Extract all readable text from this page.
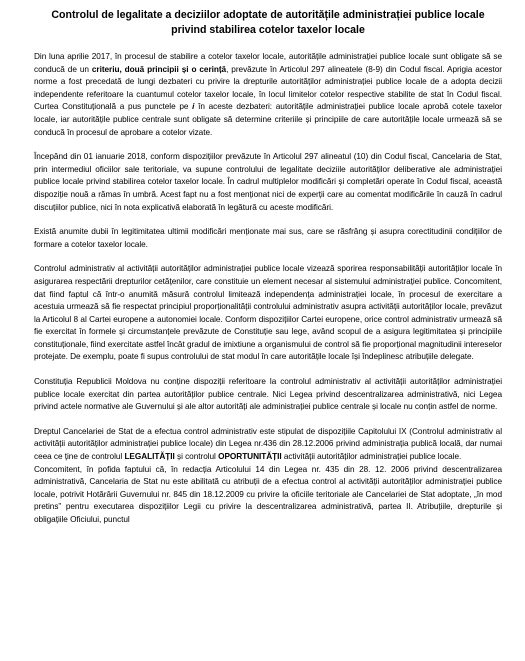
Controlul de legalitate a deciziilor adoptate de autoritățile administrației publice locale privind stabilirea cotelor taxelor locale

Din luna aprilie 2017, în procesul de stabilire a cotelor taxelor locale, autoritățile administrației publice locale sunt obligate să se conducă de un criteriu, două principii și o cerință, prevăzute în Articolul 297 alineatele (8-9) din Codul fiscal. Aprigia acestor norme a fost precedată de lungi dezbateri cu privire la drepturile autorităților administrației publice locale de a adopta decizii independente referitoare la cuantumul cotelor taxelor locale, în locul limitelor cotelor respective stabilite de stat în Codul fiscal. Curtea Constituțională a pus punctele pe i în aceste dezbateri: autoritățile administrației publice locale aprobă cotele taxelor locale, iar autoritățile publice centrale sunt obligate să determine criteriile și principiile de care autoritățile locale urmează să se conducă în procesul de aprobare a cotelor vizate.

Începând din 01 ianuarie 2018, conform dispozițiilor prevăzute în Articolul 297 alineatul (10) din Codul fiscal, Cancelaria de Stat, prin intermediul oficiilor sale teritoriale, va supune controlului de legalitate deciziile autorităților deliberative ale administrației publice locale privind stabilirea cotelor taxelor locale. În cadrul multiplelor modificări și completări operate în Codul fiscal, această dispoziție nouă a rămas în umbră. Acest fapt nu a fost menționat nici de experții care au comentat modificările în cauză în cadrul discuțiilor publice, nici în nota explicativă elaborată în legătură cu aceste modificări.

Există anumite dubii în legitimitatea ultimii modificări menționate mai sus, care se răsfrâng și asupra corectitudinii condițiilor de formare a cotelor taxelor locale.

Controlul administrativ al activității autorităților administrației publice locale vizează sporirea responsabilității autorităților locale în asigurarea respectării drepturilor cetățenilor, care constituie un element necesar al sistemului administrației publice. Concomitent, dat fiind faptul că într-o anumită măsură controlul limitează independența administrației locale, în procesul de exercitare a acestuia urmează să fie respectat principiul proporționalității controlului administrativ asupra activității autorităților locale, prevăzut la Articolul 8 al Cartei europene a autonomiei locale. Conform dispozițiilor Cartei europene, orice control administrativ urmează să fie exercitat în formele și circumstanțele prevăzute de Constituție sau lege, având scopul de a asigura legitimitatea și principiile constituționale, fiind exercitate astfel încât gradul de imixtiune a organismului de control să fie proporțional magnitudinii intereselor protejate. De exemplu, poate fi supus controlului de stat modul în care autoritățile locale își îndeplinesc atribuțiile delegate.

Constituția Republicii Moldova nu conține dispoziții referitoare la controlul administrativ al activității autorităților administrației publice locale exercitat din partea autorităților publice centrale. Nici Legea privind descentralizarea administrativă, nici Legea privind actele normative ale Guvernului și ale altor autorități ale administrației publice centrale și locale nu conțin astfel de norme.

Dreptul Cancelariei de Stat de a efectua control administrativ este stipulat de dispozițiile Capitolului IX (Controlul administrativ al activității autorităților administrației publice locale) din Legea nr.436 din 28.12.2006 privind administrația publică locală, dar numai ceea ce ține de controlul LEGALITĂȚII și controlul OPORTUNITĂȚII activității autorităților administrației publice locale.

Concomitent, în pofida faptului că, în redacția Articolului 14 din Legea nr. 435 din 28. 12. 2006 privind descentralizarea administrativă, Cancelaria de Stat nu este abilitată cu atribuții de a efectua control al activității autorităților administrației publice locale, potrivit Hotărârii Guvernului nr. 845 din 18.12.2009 cu privire la oficiile teritoriale ale Cancelariei de Stat adoptate, „în mod pretins” pentru executarea dispozițiilor Legii cu privire la descentralizarea administrativă, partea II. Atribuțiile, drepturile și obligațiile Oficiului, punctul
